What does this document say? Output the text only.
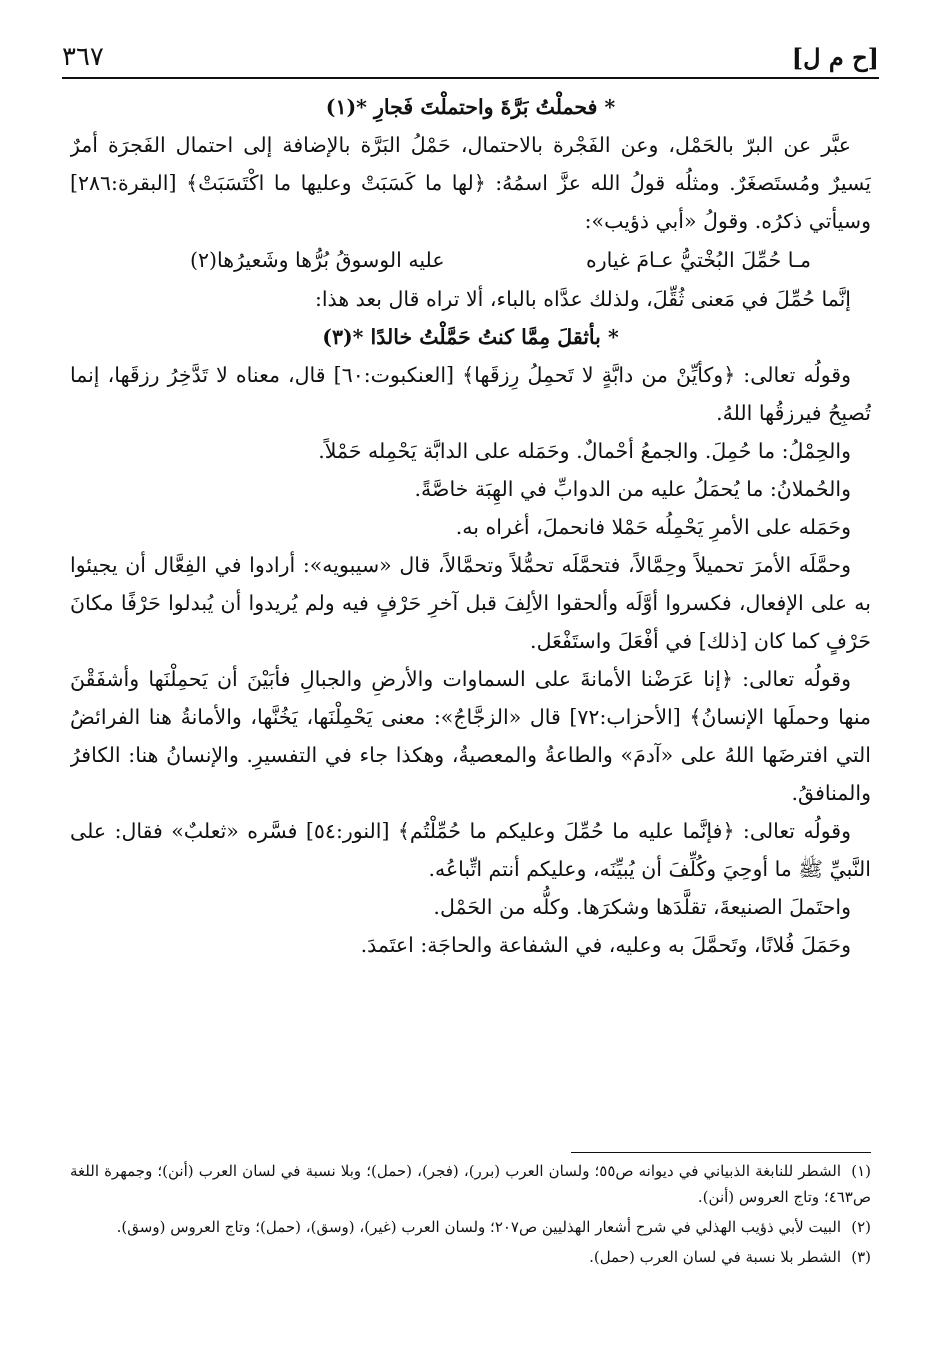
[ح م ل]
٣٦٧

* فحملْتُ بَرَّةَ واحتملْتَ فَجارِ *(١)

عبَّر عن البرّ بالحَمْل، وعن الفَجْرة بالاحتمال، حَمْلُ البَرَّة بالإضافة إلى احتمال الفَجرَة أمرٌ يَسيرٌ ومُستَصغَرٌ. ومثلُه قولُ الله عزَّ اسمُهُ: ﴿لها ما كَسَبَتْ وعليها ما اكْتَسَبَتْ﴾ [البقرة:٢٨٦] وسيأتي ذكرُه. وقولُ «أبي ذؤيب»:

مـا حُمِّلَ البُخْتيُّ عـامَ غياره
عليه الوسوقُ بُرُّها وشَعيرُها(٢)

إنَّما حُمِّلَ في مَعنى ثُقِّلَ، ولذلك عدَّاه بالباء، ألا تراه قال بعد هذا:

* بأثقلَ مِمَّا كنتُ حَمَّلْتُ خالدًا *(٣)

وقولُه تعالى: ﴿وكأيِّنْ من دابَّةٍ لا تَحمِلُ رِزقَها﴾ [العنكبوت:٦٠] قال، معناه لا تَدَّخِرُ رزقَها، إنما تُصبِحُ فيرزقُها اللهُ.

والحِمْلُ: ما حُمِلَ. والجمعُ أحْمالٌ. وحَمَله على الدابَّة يَحْمِله حَمْلاً.

والحُملانُ: ما يُحمَلُ عليه من الدوابِّ في الهِبَة خاصَّةً.

وحَمَله على الأمرِ يَحْمِلُه حَمْلا فانحملَ، أغراه به.

وحمَّلَه الأمرَ تحميلاً وحِمَّالاً، فتحمَّلَه تحمُّلاً وتحمَّالاً، قال «سيبويه»: أرادوا في الفِعَّال أن يجيئوا به على الإفعال، فكسروا أوَّلَه وألحقوا الألِفَ قبل آخرِ حَرْفٍ فيه ولم يُريدوا أن يُبدلوا حَرْفًا مكانَ حَرْفٍ كما كان [ذلك] في أفْعَلَ واستَفْعَل.

وقولُه تعالى: ﴿إنا عَرَضْنا الأمانةَ على السماوات والأرضِ والجبالِ فأبَيْنَ أن يَحمِلْنَها وأشفَقْنَ منها وحملَها الإنسانُ﴾ [الأحزاب:٧٢] قال «الزجَّاجُ»: معنى يَحْمِلْنَها، يَخُنَّها، والأمانةُ هنا الفرائضُ التي افترضَها اللهُ على «آدمَ» والطاعةُ والمعصيةُ، وهكذا جاء في التفسيرِ. والإنسانُ هنا: الكافرُ والمنافقُ.

وقولُه تعالى: ﴿فإنَّما عليه ما حُمِّلَ وعليكم ما حُمِّلْتُم﴾ [النور:٥٤] فسَّره «ثعلبٌ» فقال: على النَّبيِّ ﷺ ما أوحِيَ وكُلِّفَ أن يُبيِّنَه، وعليكم أنتم اتِّباعُه.

واحتَملَ الصنيعةَ، تقلَّدَها وشكرَها. وكلُّه من الحَمْل.

وحَمَلَ فُلانًا، وتَحمَّلَ به وعليه، في الشفاعة والحاجَة: اعتَمدَ.

(١)الشطر للنابغة الذبياني في ديوانه ص٥٥؛ ولسان العرب (برر)، (فجر)، (حمل)؛ وبلا نسبة في لسان العرب (أنن)؛ وجمهرة اللغة ص٤٦٣؛ وتاج العروس (أنن).

(٢)البيت لأبي ذؤيب الهذلي في شرح أشعار الهذليين ص٢٠٧؛ ولسان العرب (غير)، (وسق)، (حمل)؛ وتاج العروس (وسق).

(٣)الشطر بلا نسبة في لسان العرب (حمل).
